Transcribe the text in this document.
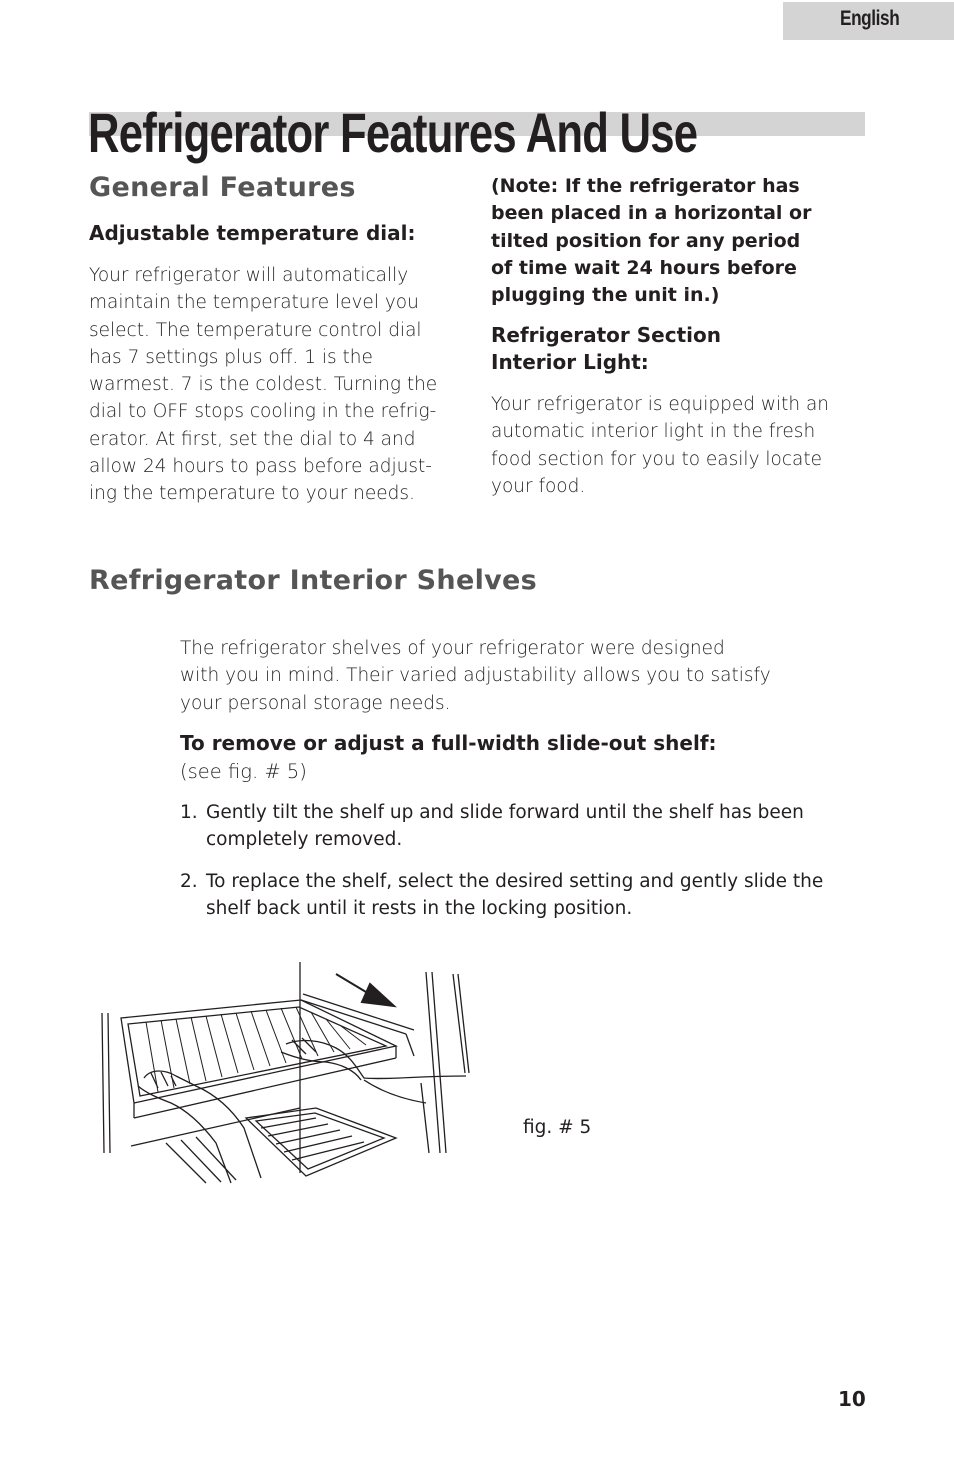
English
Refrigerator Features And Use
General Features
Adjustable temperature dial:

Your refrigerator will automatically
maintain the temperature level you
select. The temperature control dial
has 7 settings plus off. 1 is the
warmest. 7 is the coldest. Turning the
dial to OFF stops cooling in the refrig-
erator. At first, set the dial to 4 and
allow 24 hours to pass before adjust-
ing the temperature to your needs.

(Note: If the refrigerator has
been placed in a horizontal or
tilted position for any period
of time wait 24 hours before
plugging the unit in.)

Refrigerator Section
Interior Light:

Your refrigerator is equipped with an
automatic interior light in the fresh
food section for you to easily locate
your food.

Refrigerator Interior Shelves

The refrigerator shelves of your refrigerator were designed
with you in mind. Their varied adjustability allows you to satisfy
your personal storage needs.

To remove or adjust a full-width slide-out shelf:

(see fig. # 5)

1. Gently tilt the shelf up and slide forward until the shelf has been
completely removed.
2. To replace the shelf, select the desired setting and gently slide the
shelf back until it rests in the locking position.
fig. # 5
10
